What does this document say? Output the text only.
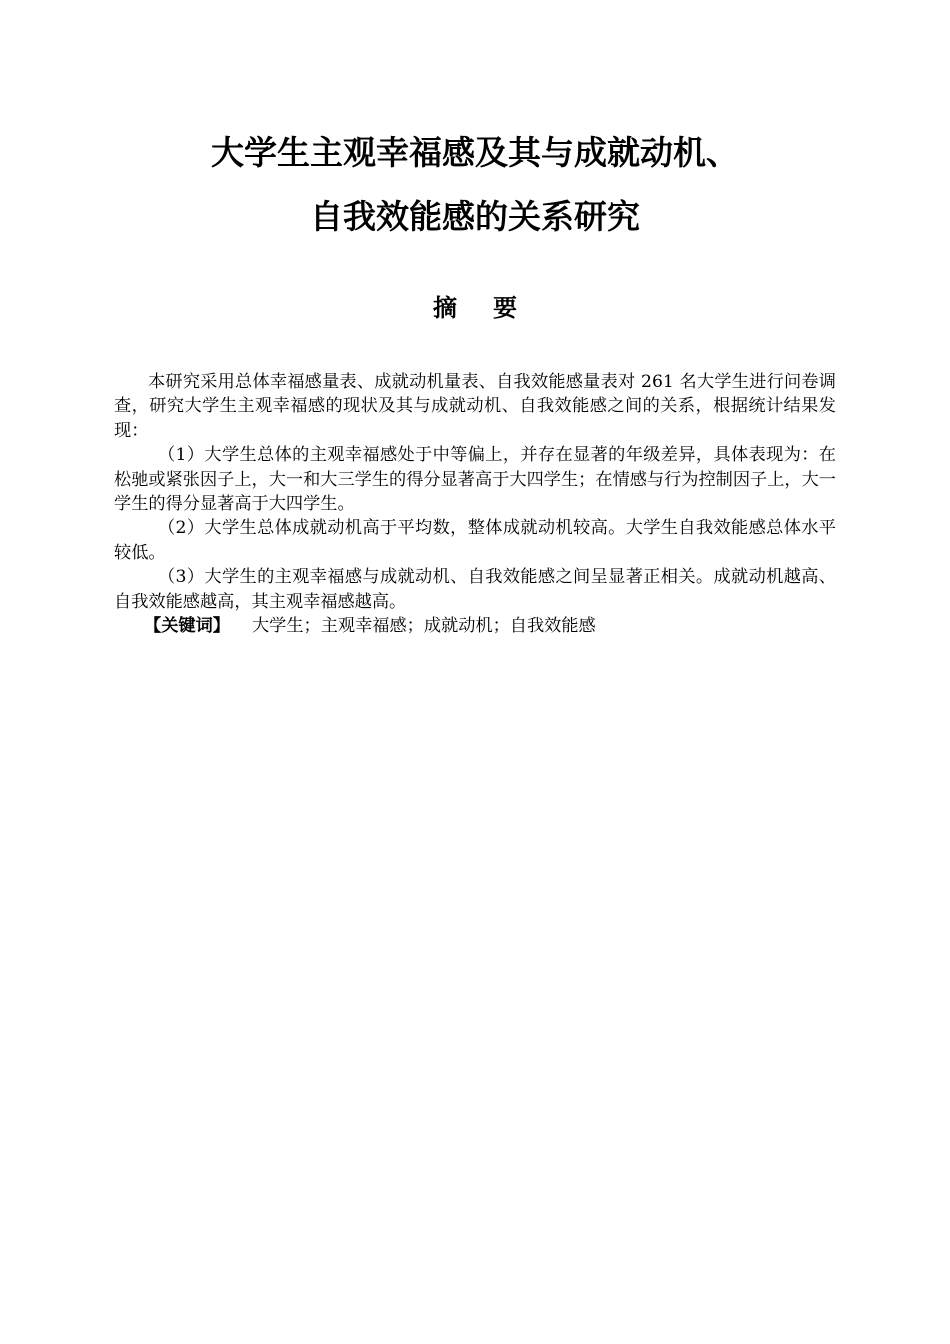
大学生主观幸福感及其与成就动机、
自我效能感的关系研究
摘要

本研究采用总体幸福感量表、成就动机量表、自我效能感量表对 261 名大学生进行问卷调查，研究大学生主观幸福感的现状及其与成就动机、自我效能感之间的关系，根据统计结果发现：

（1）大学生总体的主观幸福感处于中等偏上，并存在显著的年级差异，具体表现为：在松驰或紧张因子上，大一和大三学生的得分显著高于大四学生；在情感与行为控制因子上，大一学生的得分显著高于大四学生。

（2）大学生总体成就动机高于平均数，整体成就动机较高。大学生自我效能感总体水平较低。

（3）大学生的主观幸福感与成就动机、自我效能感之间呈显著正相关。成就动机越高、自我效能感越高，其主观幸福感越高。

【关键词】 大学生；主观幸福感；成就动机；自我效能感
